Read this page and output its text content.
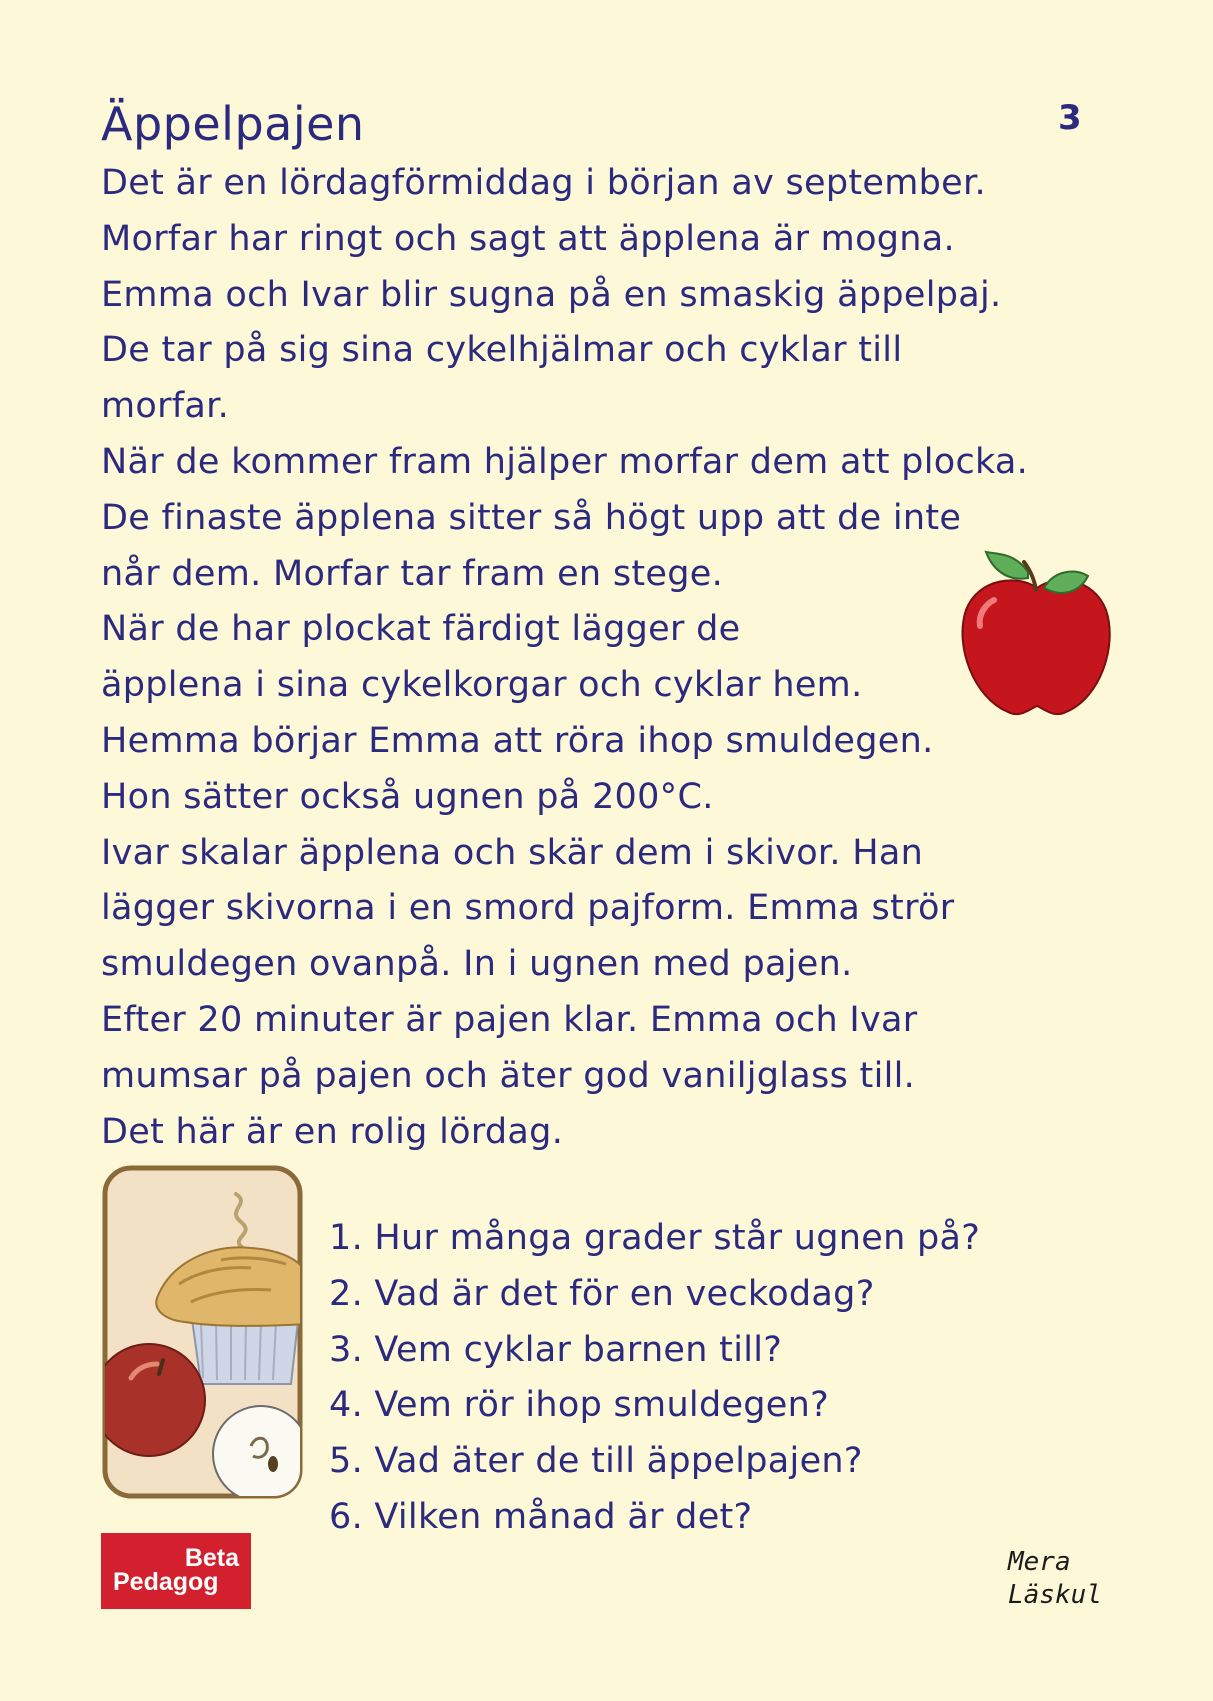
Äppelpajen	3
Det är en lördagförmiddag i början av september.
Morfar har ringt och sagt att äpplena är mogna.
Emma och Ivar blir sugna på en smaskig äppelpaj.
De tar på sig sina cykelhjälmar och cyklar till
morfar.
När de kommer fram hjälper morfar dem att plocka.
De finaste äpplena sitter så högt upp att de inte
når dem. Morfar tar fram en stege.
När de har plockat färdigt lägger de
äpplena i sina cykelkorgar och cyklar hem.
Hemma börjar Emma att röra ihop smuldegen.
Hon sätter också ugnen på 200°C.
Ivar skalar äpplena och skär dem i skivor. Han
lägger skivorna i en smord pajform. Emma strör
smuldegen ovanpå. In i ugnen med pajen.
Efter 20 minuter är pajen klar. Emma och Ivar
mumsar på pajen och äter god vaniljglass till.
Det här är en rolig lördag.
1. Hur många grader står ugnen på?
2. Vad är det för en veckodag?
3. Vem cyklar barnen till?
4. Vem rör ihop smuldegen?
5. Vad äter de till äppelpajen?
6. Vilken månad är det?
Beta
Pedagog
Mera
Läskul
